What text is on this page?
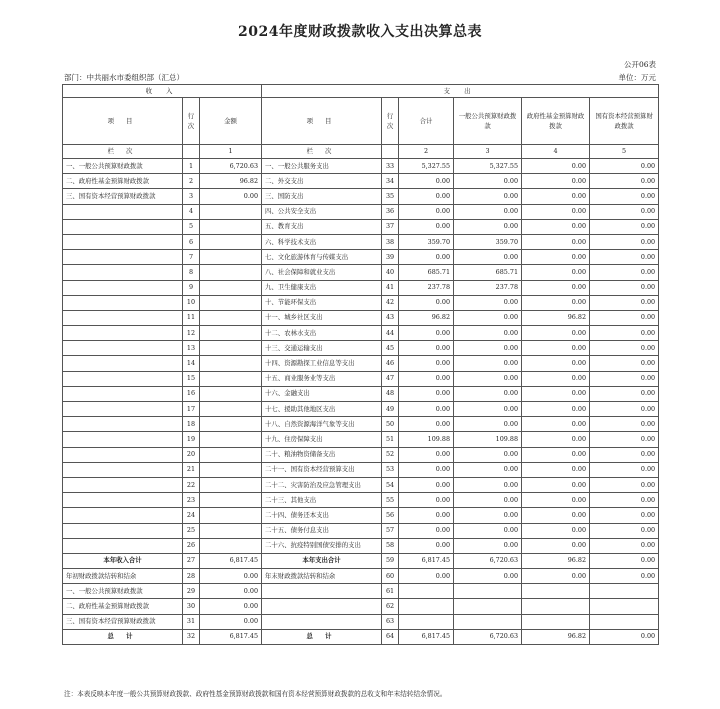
2024年度财政拨款收入支出决算总表
公开06表
部门：中共丽水市委组织部（汇总）	单位：万元
收 入			支 出					
项 目	行次	金额	项 目	行次	合计	一般公共预算财政拨款	政府性基金预算财政拨款	国有资本经营预算财政拨款
栏 次		1	栏 次		2	3	4	5
一、一般公共预算财政拨款	1	6,720.63	一、一般公共服务支出	33	5,327.55	5,327.55	0.00	0.00
二、政府性基金预算财政拨款	2	96.82	二、外交支出	34	0.00	0.00	0.00	0.00
三、国有资本经营预算财政拨款	3	0.00	三、国防支出	35	0.00	0.00	0.00	0.00
	4		四、公共安全支出	36	0.00	0.00	0.00	0.00
	5		五、教育支出	37	0.00	0.00	0.00	0.00
	6		六、科学技术支出	38	359.70	359.70	0.00	0.00
	7		七、文化旅游体育与传媒支出	39	0.00	0.00	0.00	0.00
	8		八、社会保障和就业支出	40	685.71	685.71	0.00	0.00
	9		九、卫生健康支出	41	237.78	237.78	0.00	0.00
	10		十、节能环保支出	42	0.00	0.00	0.00	0.00
	11		十一、城乡社区支出	43	96.82	0.00	96.82	0.00
	12		十二、农林水支出	44	0.00	0.00	0.00	0.00
	13		十三、交通运输支出	45	0.00	0.00	0.00	0.00
	14		十四、资源勘探工业信息等支出	46	0.00	0.00	0.00	0.00
	15		十五、商业服务业等支出	47	0.00	0.00	0.00	0.00
	16		十六、金融支出	48	0.00	0.00	0.00	0.00
	17		十七、援助其他地区支出	49	0.00	0.00	0.00	0.00
	18		十八、自然资源海洋气象等支出	50	0.00	0.00	0.00	0.00
	19		十九、住房保障支出	51	109.88	109.88	0.00	0.00
	20		二十、粮油物资储备支出	52	0.00	0.00	0.00	0.00
	21		二十一、国有资本经营预算支出	53	0.00	0.00	0.00	0.00
	22		二十二、灾害防治及应急管理支出	54	0.00	0.00	0.00	0.00
	23		二十三、其他支出	55	0.00	0.00	0.00	0.00
	24		二十四、债务还本支出	56	0.00	0.00	0.00	0.00
	25		二十五、债务付息支出	57	0.00	0.00	0.00	0.00
	26		二十六、抗疫特别国债安排的支出	58	0.00	0.00	0.00	0.00
本年收入合计	27	6,817.45	本年支出合计	59	6,817.45	6,720.63	96.82	0.00
年初财政拨款结转和结余	28	0.00	年末财政拨款结转和结余	60	0.00	0.00	0.00	0.00
一、一般公共预算财政拨款	29	0.00		61				
二、政府性基金预算财政拨款	30	0.00		62				
三、国有资本经营预算财政拨款	31	0.00		63				
总 计	32	6,817.45	总 计	64	6,817.45	6,720.63	96.82	0.00
注：本表反映本年度一般公共预算财政拨款、政府性基金预算财政拨款和国有资本经营预算财政拨款的总收支和年末结转结余情况。
